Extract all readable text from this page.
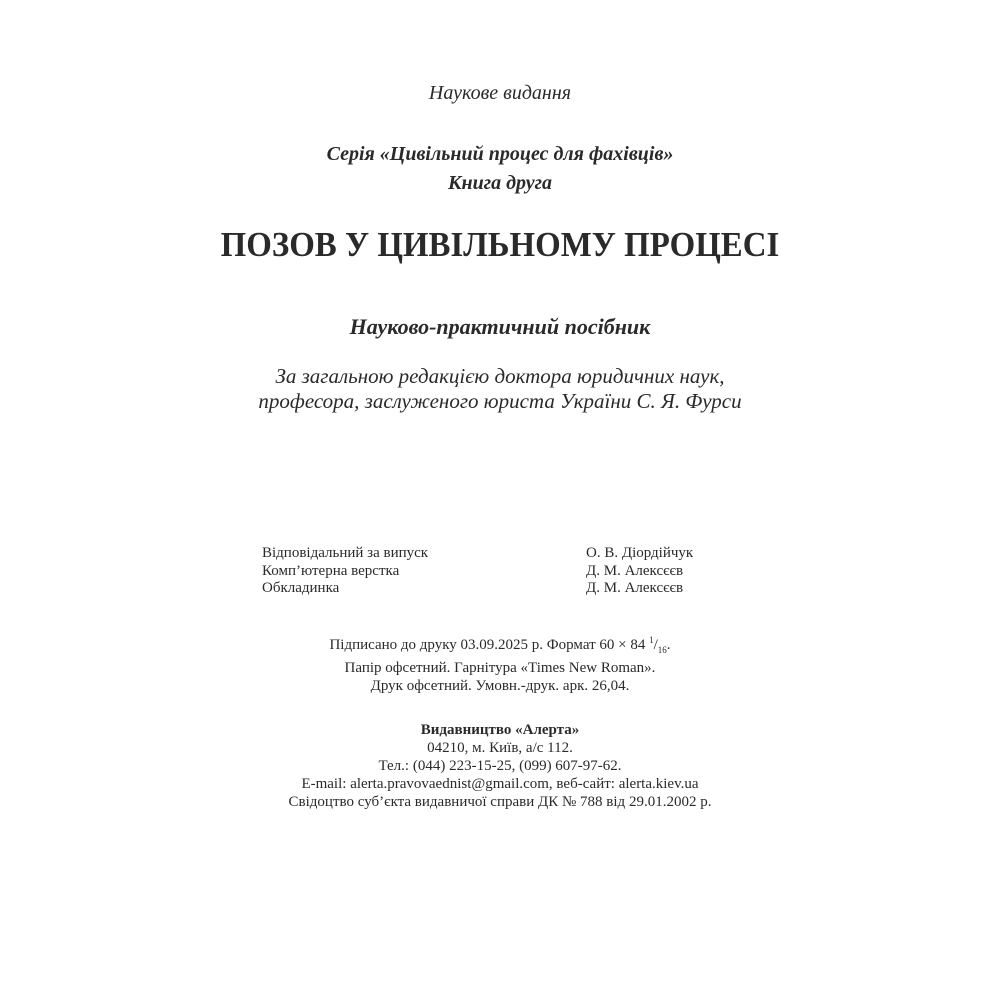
Наукове видання
Серія «Цивільний процес для фахівців»
Книга друга
ПОЗОВ У ЦИВІЛЬНОМУ ПРОЦЕСІ
Науково-практичний посібник
За загальною редакцією доктора юридичних наук,
професора, заслуженого юриста України С. Я. Фурси
Відповідальний за випуск	О. В. Діордійчук
Комп’ютерна верстка	Д. М. Алексєєв
Обкладинка	Д. М. Алексєєв
Підписано до друку 03.09.2025 р. Формат 60 × 84 $^1/_{16}$.
Папір офсетний. Гарнітура «Times New Roman».
Друк офсетний. Умовн.-друк. арк. 26,04.
Видавництво «Алерта»
04210, м. Київ, а/с 112.
Тел.: (044) 223-15-25, (099) 607-97-62.
E-mail: alerta.pravovaednist@gmail.com, веб-сайт: alerta.kiev.ua
Свідоцтво суб’єкта видавничої справи ДК № 788 від 29.01.2002 р.
